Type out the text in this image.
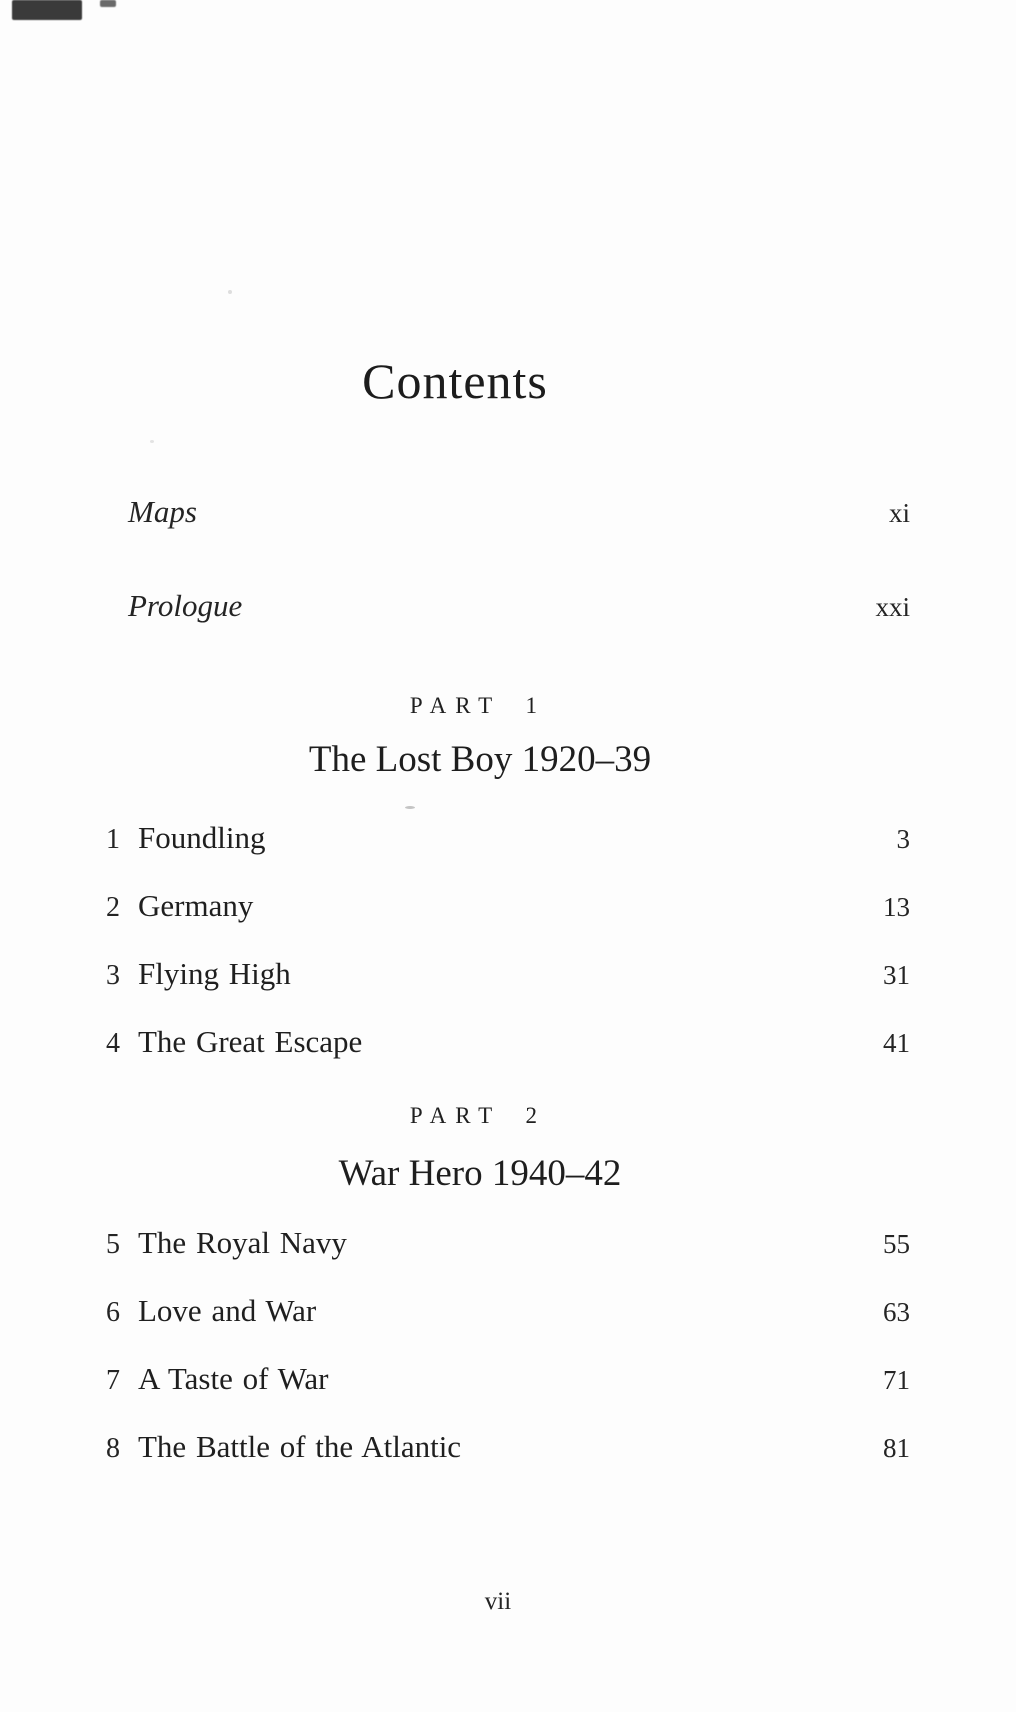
Contents
Maps	xi
Prologue	xxi
PART 1
The Lost Boy 1920–39
1 Foundling	3
2 Germany	13
3 Flying High	31
4 The Great Escape	41
PART 2
War Hero 1940–42
5 The Royal Navy	55
6 Love and War	63
7 A Taste of War	71
8 The Battle of the Atlantic	81
vii
